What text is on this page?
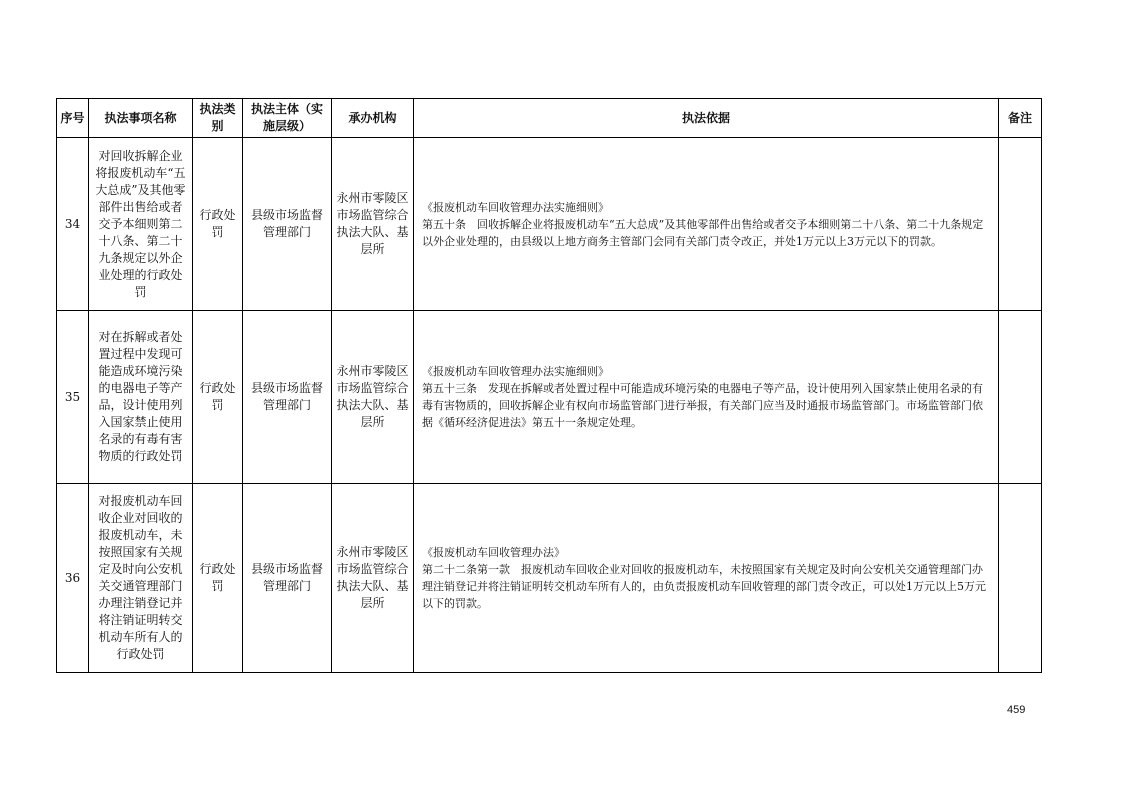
序号	执法事项名称	执法类别	执法主体（实施层级）	承办机构	执法依据	备注
34	对回收拆解企业将报废机动车“五大总成”及其他零部件出售给或者交予本细则第二十八条、第二十九条规定以外企业处理的行政处罚	行政处罚	县级市场监督管理部门	永州市零陵区市场监管综合执法大队、基层所	《报废机动车回收管理办法实施细则》
第五十条　回收拆解企业将报废机动车“五大总成”及其他零部件出售给或者交予本细则第二十八条、第二十九条规定以外企业处理的，由县级以上地方商务主管部门会同有关部门责令改正，并处1万元以上3万元以下的罚款。	

35	对在拆解或者处置过程中发现可能造成环境污染的电器电子等产品，设计使用列入国家禁止使用名录的有毒有害物质的行政处罚	行政处罚	县级市场监督管理部门	永州市零陵区市场监管综合执法大队、基层所	《报废机动车回收管理办法实施细则》
第五十三条　发现在拆解或者处置过程中可能造成环境污染的电器电子等产品，设计使用列入国家禁止使用名录的有毒有害物质的，回收拆解企业有权向市场监管部门进行举报，有关部门应当及时通报市场监管部门。市场监管部门依据《循环经济促进法》第五十一条规定处理。	

36	对报废机动车回收企业对回收的报废机动车，未按照国家有关规定及时向公安机关交通管理部门办理注销登记并将注销证明转交机动车所有人的行政处罚	行政处罚	县级市场监督管理部门	永州市零陵区市场监管综合执法大队、基层所	《报废机动车回收管理办法》
第二十二条第一款　报废机动车回收企业对回收的报废机动车，未按照国家有关规定及时向公安机关交通管理部门办理注销登记并将注销证明转交机动车所有人的，由负责报废机动车回收管理的部门责令改正，可以处1万元以上5万元以下的罚款。	

459
